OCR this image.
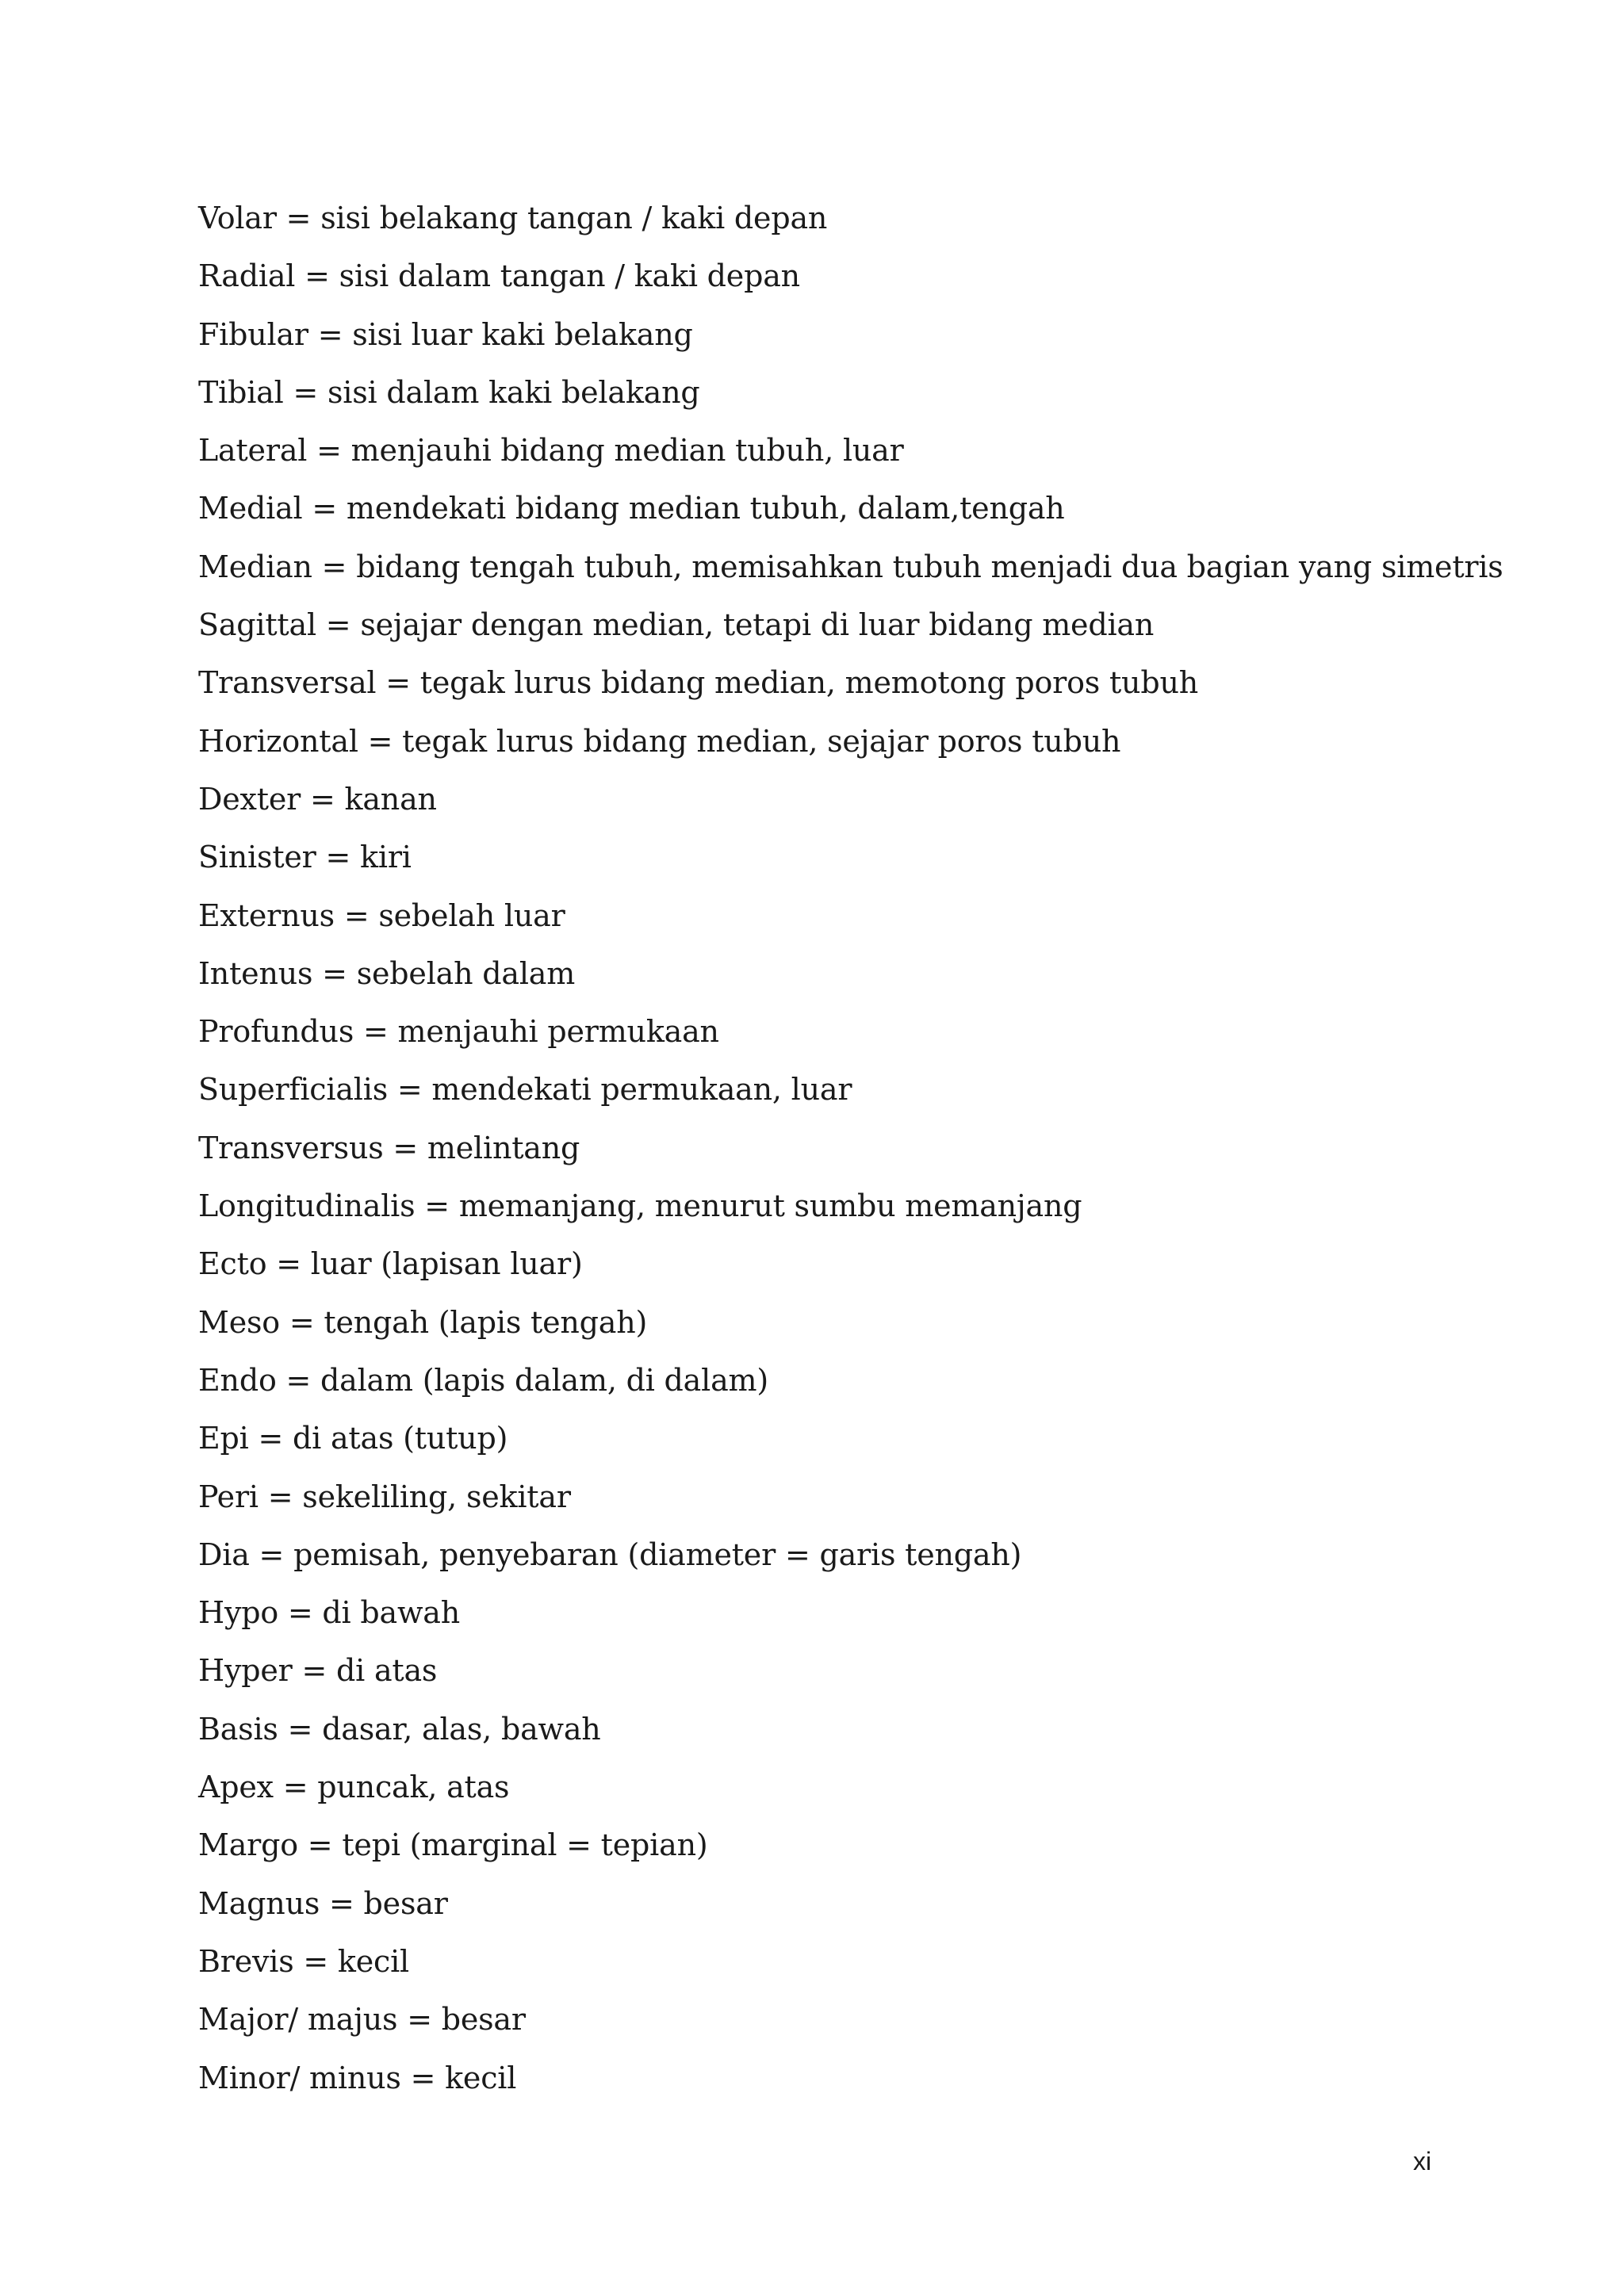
Volar = sisi belakang tangan / kaki depan
Radial = sisi dalam tangan / kaki depan
Fibular = sisi luar kaki belakang
Tibial = sisi dalam kaki belakang
Lateral = menjauhi bidang median tubuh, luar
Medial = mendekati bidang median tubuh, dalam,tengah
Median = bidang tengah tubuh, memisahkan tubuh menjadi dua bagian yang simetris
Sagittal = sejajar dengan median, tetapi di luar bidang median
Transversal = tegak lurus bidang median, memotong poros tubuh
Horizontal = tegak lurus bidang median, sejajar poros tubuh
Dexter = kanan
Sinister = kiri
Externus = sebelah luar
Intenus = sebelah dalam
Profundus = menjauhi permukaan
Superficialis = mendekati permukaan, luar
Transversus = melintang
Longitudinalis = memanjang, menurut sumbu memanjang
Ecto = luar (lapisan luar)
Meso = tengah (lapis tengah)
Endo = dalam (lapis dalam, di dalam)
Epi = di atas (tutup)
Peri = sekeliling, sekitar
Dia = pemisah, penyebaran (diameter = garis tengah)
Hypo = di bawah
Hyper = di atas
Basis = dasar, alas, bawah
Apex = puncak, atas
Margo = tepi (marginal = tepian)
Magnus = besar
Brevis = kecil
Major/ majus = besar
Minor/ minus = kecil
xi
